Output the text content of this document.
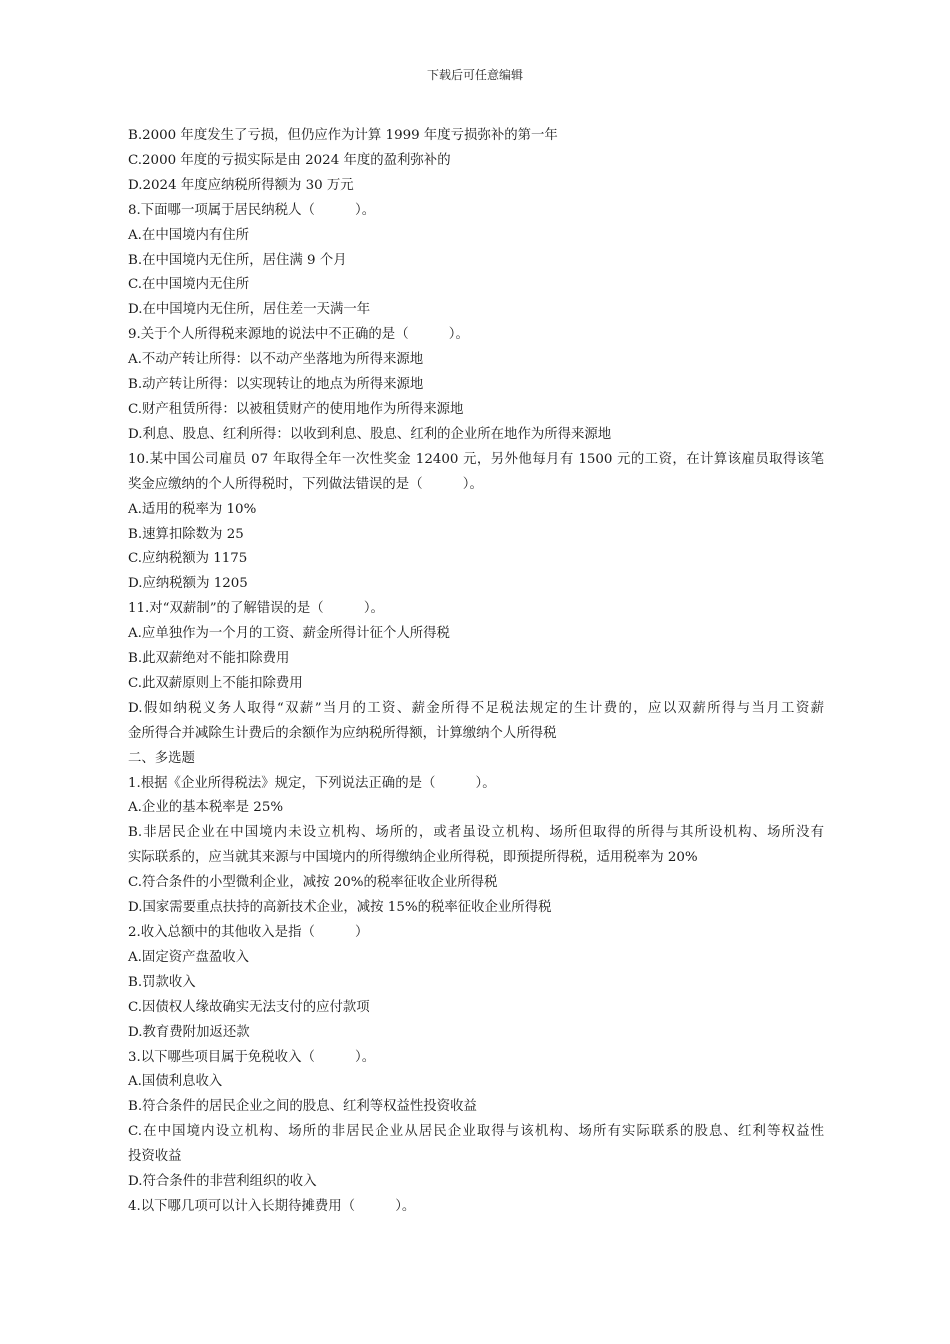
下载后可任意编辑
B.2000 年度发生了亏损，但仍应作为计算 1999 年度亏损弥补的第一年
C.2000 年度的亏损实际是由 2024 年度的盈利弥补的
D.2024 年度应纳税所得额为 30 万元
8.下面哪一项属于居民纳税人（　　　）。
A.在中国境内有住所
B.在中国境内无住所，居住满 9 个月
C.在中国境内无住所
D.在中国境内无住所，居住差一天满一年
9.关于个人所得税来源地的说法中不正确的是（　　　）。
A.不动产转让所得：以不动产坐落地为所得来源地
B.动产转让所得：以实现转让的地点为所得来源地
C.财产租赁所得：以被租赁财产的使用地作为所得来源地
D.利息、股息、红利所得：以收到利息、股息、红利的企业所在地作为所得来源地
10.某中国公司雇员 07 年取得全年一次性奖金 12400 元，另外他每月有 1500 元的工资，在计算该雇员取得该笔
奖金应缴纳的个人所得税时，下列做法错误的是（　　　）。
A.适用的税率为 10%
B.速算扣除数为 25
C.应纳税额为 1175
D.应纳税额为 1205
11.对“双薪制”的了解错误的是（　　　）。
A.应单独作为一个月的工资、薪金所得计征个人所得税
B.此双薪绝对不能扣除费用
C.此双薪原则上不能扣除费用
D.假如纳税义务人取得“双薪”当月的工资、薪金所得不足税法规定的生计费的，应以双薪所得与当月工资薪
金所得合并减除生计费后的余额作为应纳税所得额，计算缴纳个人所得税
二、多选题
1.根据《企业所得税法》规定，下列说法正确的是（　　　）。
A.企业的基本税率是 25%
B.非居民企业在中国境内未设立机构、场所的，或者虽设立机构、场所但取得的所得与其所设机构、场所没有
实际联系的，应当就其来源与中国境内的所得缴纳企业所得税，即预提所得税，适用税率为 20%
C.符合条件的小型微利企业，减按 20%的税率征收企业所得税
D.国家需要重点扶持的高新技术企业，减按 15%的税率征收企业所得税
2.收入总额中的其他收入是指（　　　）
A.固定资产盘盈收入
B.罚款收入
C.因债权人缘故确实无法支付的应付款项
D.教育费附加返还款
3.以下哪些项目属于免税收入（　　　）。
A.国债利息收入
B.符合条件的居民企业之间的股息、红利等权益性投资收益
C.在中国境内设立机构、场所的非居民企业从居民企业取得与该机构、场所有实际联系的股息、红利等权益性
投资收益
D.符合条件的非营利组织的收入
4.以下哪几项可以计入长期待摊费用（　　　）。
